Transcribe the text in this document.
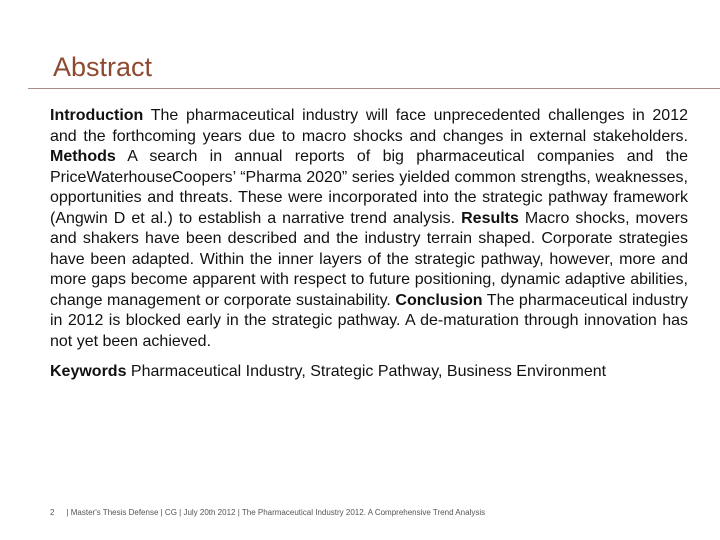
Abstract

Introduction The pharmaceutical industry will face unprecedented challenges in 2012 and the forthcoming years due to macro shocks and changes in external stakeholders. Methods A search in annual reports of big pharmaceutical companies and the PriceWaterhouseCoopers’ “Pharma 2020” series yielded common strengths, weaknesses, opportunities and threats. These were incorporated into the strategic pathway framework (Angwin D et al.) to establish a narrative trend analysis. Results Macro shocks, movers and shakers have been described and the industry terrain shaped. Corporate strategies have been adapted. Within the inner layers of the strategic pathway, however, more and more gaps become apparent with respect to future positioning, dynamic adaptive abilities, change management or corporate sustainability. Conclusion The pharmaceutical industry in 2012 is blocked early in the strategic pathway. A de-maturation through innovation has not yet been achieved.

Keywords Pharmaceutical Industry, Strategic Pathway, Business Environment

2 | Master's Thesis Defense | CG | July 20th 2012 | The Pharmaceutical Industry 2012. A Comprehensive Trend Analysis
